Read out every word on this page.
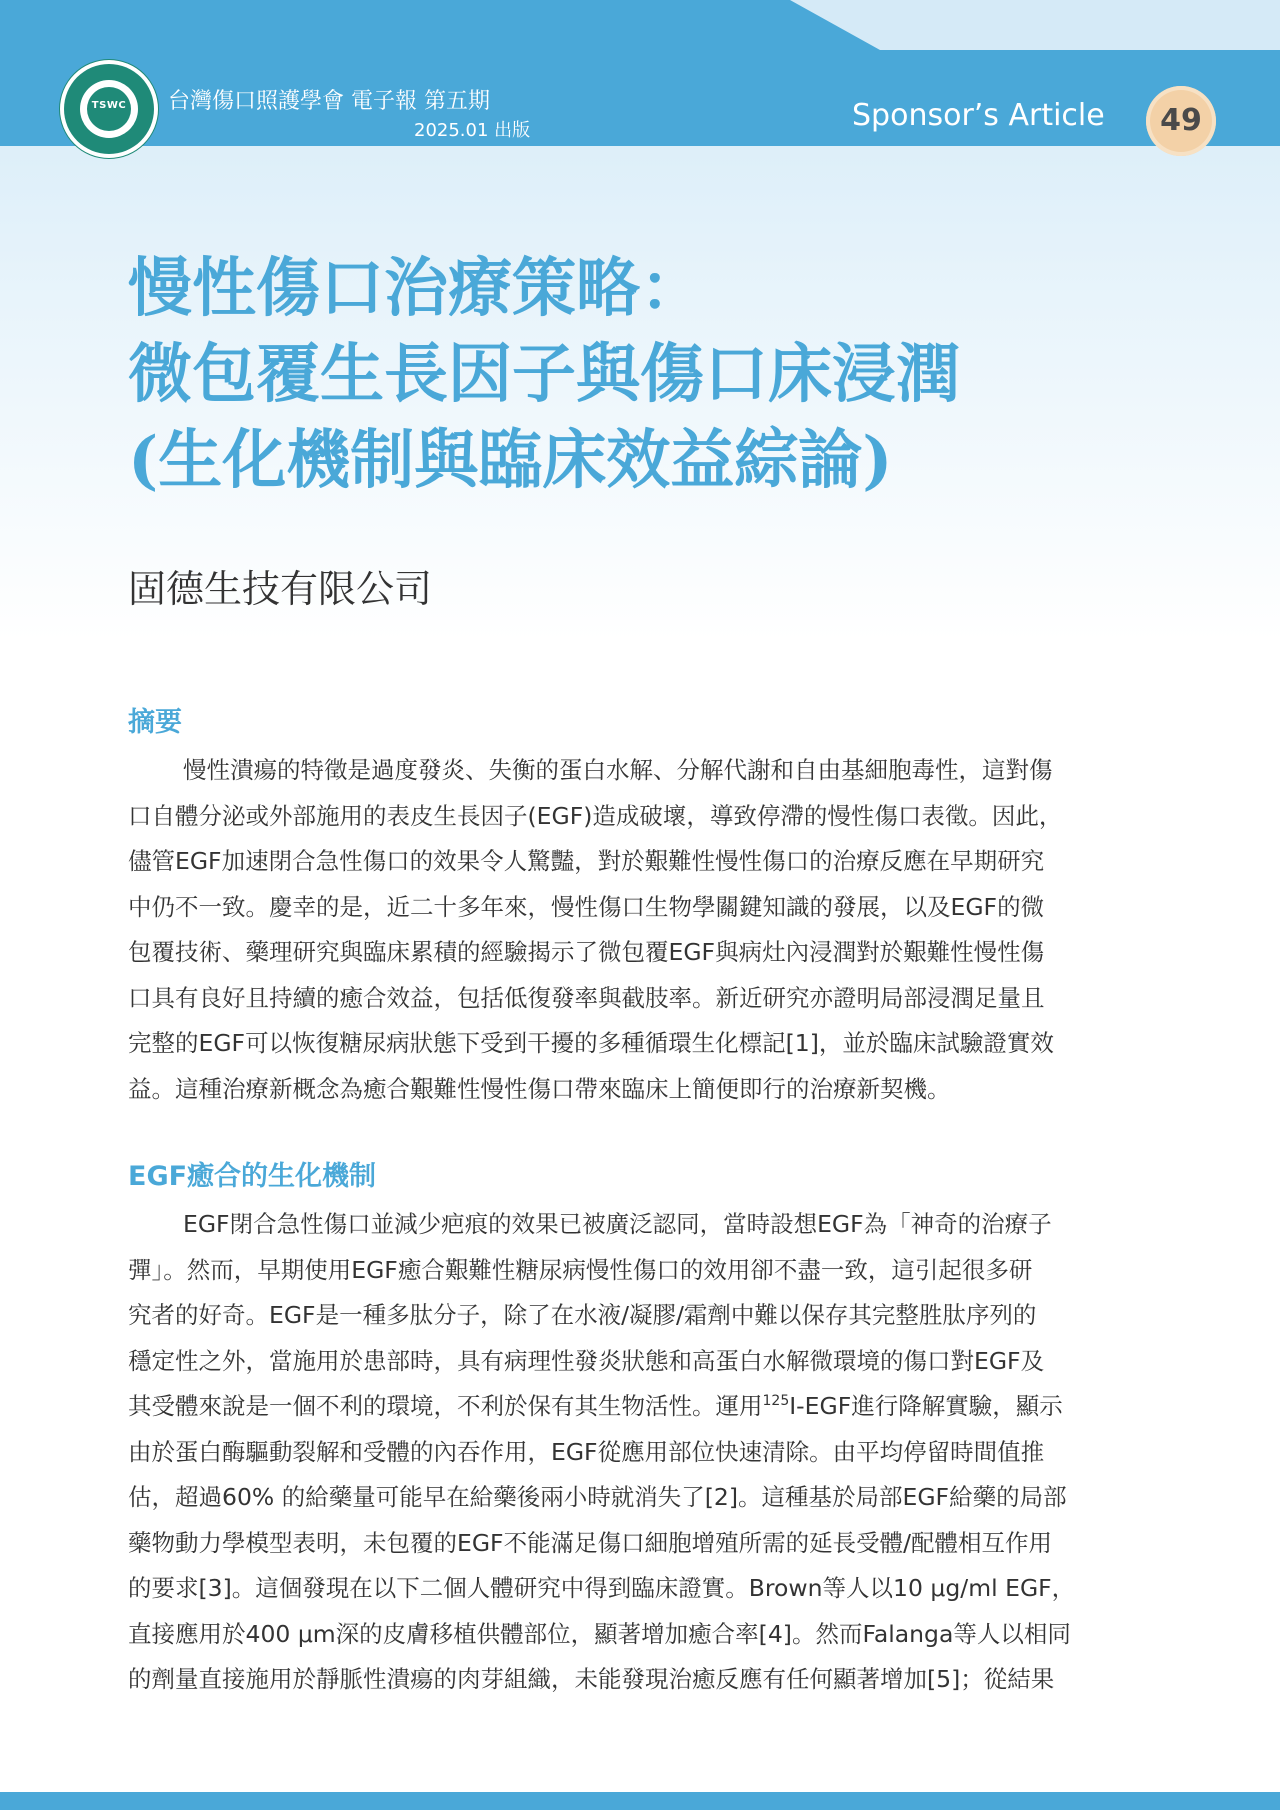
TSWC 台灣傷口照護學會 電子報 第五期
2025.01 出版	Sponsor’s Article	49
慢性傷口治療策略：
微包覆生長因子與傷口床浸潤
(生化機制與臨床效益綜論)
固德生技有限公司
摘要
慢性潰瘍的特徵是過度發炎、失衡的蛋白水解、分解代謝和自由基細胞毒性，這對傷
口自體分泌或外部施用的表皮生長因子(EGF)造成破壞，導致停滯的慢性傷口表徵。因此，
儘管EGF加速閉合急性傷口的效果令人驚豔，對於艱難性慢性傷口的治療反應在早期研究
中仍不一致。慶幸的是，近二十多年來，慢性傷口生物學關鍵知識的發展，以及EGF的微
包覆技術、藥理研究與臨床累積的經驗揭示了微包覆EGF與病灶內浸潤對於艱難性慢性傷
口具有良好且持續的癒合效益，包括低復發率與截肢率。新近研究亦證明局部浸潤足量且
完整的EGF可以恢復糖尿病狀態下受到干擾的多種循環生化標記[1]，並於臨床試驗證實效
益。這種治療新概念為癒合艱難性慢性傷口帶來臨床上簡便即行的治療新契機。
EGF癒合的生化機制
EGF閉合急性傷口並減少疤痕的效果已被廣泛認同，當時設想EGF為「神奇的治療子
彈」。然而，早期使用EGF癒合艱難性糖尿病慢性傷口的效用卻不盡一致，這引起很多研
究者的好奇。EGF是一種多肽分子，除了在水液/凝膠/霜劑中難以保存其完整胜肽序列的
穩定性之外，當施用於患部時，具有病理性發炎狀態和高蛋白水解微環境的傷口對EGF及
其受體來說是一個不利的環境，不利於保有其生物活性。運用$^{125}$I-EGF進行降解實驗，顯示
由於蛋白酶驅動裂解和受體的內吞作用，EGF從應用部位快速清除。由平均停留時間值推
估，超過60% 的給藥量可能早在給藥後兩小時就消失了[2]。這種基於局部EGF給藥的局部
藥物動力學模型表明，未包覆的EGF不能滿足傷口細胞增殖所需的延長受體/配體相互作用
的要求[3]。這個發現在以下二個人體研究中得到臨床證實。Brown等人以10 μg/ml EGF，
直接應用於400 μm深的皮膚移植供體部位，顯著增加癒合率[4]。然而Falanga等人以相同
的劑量直接施用於靜脈性潰瘍的肉芽組織，未能發現治癒反應有任何顯著增加[5]；從結果
